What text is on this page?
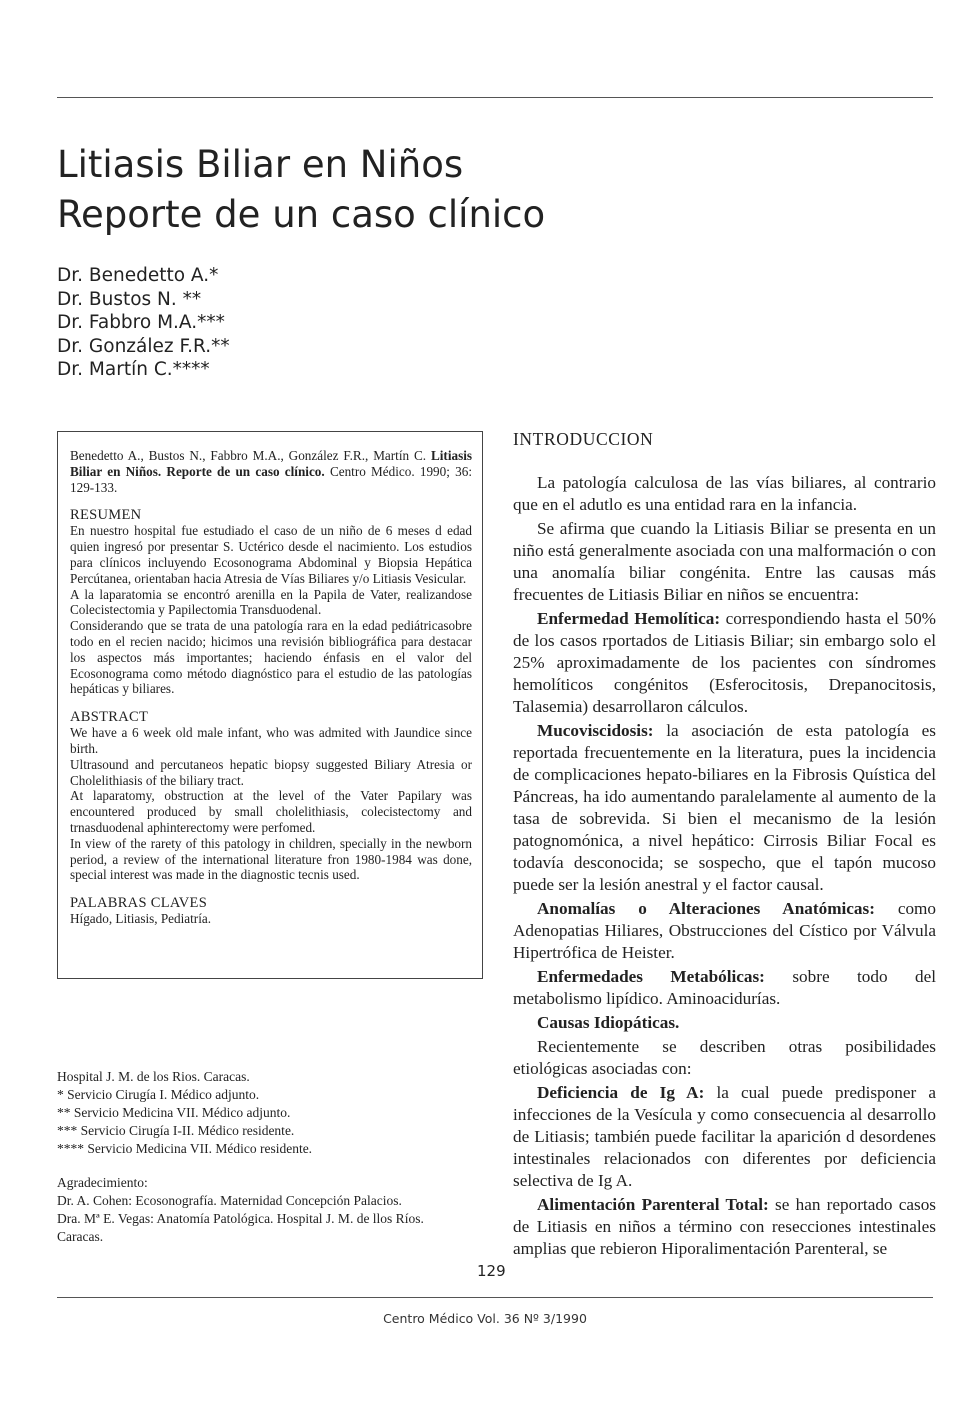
Litiasis Biliar en Niños
Reporte de un caso clínico
Dr. Benedetto A.*
Dr. Bustos N. **
Dr. Fabbro M.A.***
Dr. González F.R.**
Dr. Martín C.****

Benedetto A., Bustos N., Fabbro M.A., González F.R., Martín C. Litiasis Biliar en Niños. Reporte de un caso clínico. Centro Médico. 1990; 36: 129-133.

RESUMEN

En nuestro hospital fue estudiado el caso de un niño de 6 meses d edad quien ingresó por presentar S. Uctérico desde el nacimiento. Los estudios para clínicos incluyendo Ecosonograma Abdominal y Biopsia Hepática Percútanea, orientaban hacia Atresia de Vías Biliares y/o Litiasis Vesicular.

A la laparatomia se encontró arenilla en la Papila de Vater, realizandose Colecistectomia y Papilectomia Transduodenal.

Considerando que se trata de una patología rara en la edad pediátricasobre todo en el recien nacido; hicimos una revisión bibliográfica para destacar los aspectos más importantes; haciendo énfasis en el valor del Ecosonograma como método diagnóstico para el estudio de las patologías hepáticas y biliares.

ABSTRACT

We have a 6 week old male infant, who was admited with Jaundice since birth.

Ultrasound and percutaneos hepatic biopsy suggested Biliary Atresia or Cholelithiasis of the biliary tract.

At laparatomy, obstruction at the level of the Vater Papilary was encountered produced by small cholelithiasis, colecistectomy and trnasduodenal aphinterectomy were perfomed.

In view of the rarety of this patology in children, specially in the newborn period, a review of the international literature fron 1980-1984 was done, special interest was made in the diagnostic tecnis used.

PALABRAS CLAVES

Hígado, Litiasis, Pediatría.

Hospital J. M. de los Rios. Caracas.
* Servicio Cirugía I. Médico adjunto.
** Servicio Medicina VII. Médico adjunto.
*** Servicio Cirugía I-II. Médico residente.
**** Servicio Medicina VII. Médico residente.
Agradecimiento:
Dr. A. Cohen: Ecosonografía. Maternidad Concepción Palacios.
Dra. Mª E. Vegas: Anatomía Patológica. Hospital J. M. de llos Ríos.
Caracas.
INTRODUCCION

La patología calculosa de las vías biliares, al contrario que en el adutlo es una entidad rara en la infancia.

Se afirma que cuando la Litiasis Biliar se presenta en un niño está generalmente asociada con una malformación o con una anomalía biliar congénita. Entre las causas más frecuentes de Litiasis Biliar en niños se encuentra:

Enfermedad Hemolítica: correspondiendo hasta el 50% de los casos rportados de Litiasis Biliar; sin embargo solo el 25% aproximadamente de los pacientes con síndromes hemolíticos congénitos (Esferocitosis, Drepanocitosis, Talasemia) desarrollaron cálculos.

Mucoviscidosis: la asociación de esta patología es reportada frecuentemente en la literatura, pues la incidencia de complicaciones hepato-biliares en la Fibrosis Quística del Páncreas, ha ido aumentando paralelamente al aumento de la tasa de sobrevida. Si bien el mecanismo de la lesión patognomónica, a nivel hepático: Cirrosis Biliar Focal es todavía desconocida; se sospecho, que el tapón mucoso puede ser la lesión anestral y el factor causal.

Anomalías o Alteraciones Anatómicas: como Adenopatias Hiliares, Obstrucciones del Cístico por Válvula Hipertrófica de Heister.

Enfermedades Metabólicas: sobre todo del metabolismo lipídico. Aminoacidurías.

Causas Idiopáticas.

Recientemente se describen otras posibilidades etiológicas asociadas con:

Deficiencia de Ig A: la cual puede predisponer a infecciones de la Vesícula y como consecuencia al desarrollo de Litiasis; también puede facilitar la aparición d desordenes intestinales relacionados con diferentes por deficiencia selectiva de Ig A.

Alimentación Parenteral Total: se han reportado casos de Litiasis en niños a término con resecciones intestinales amplias que rebieron Hiporalimentación Parenteral, se

129
Centro Médico Vol. 36 Nº 3/1990
